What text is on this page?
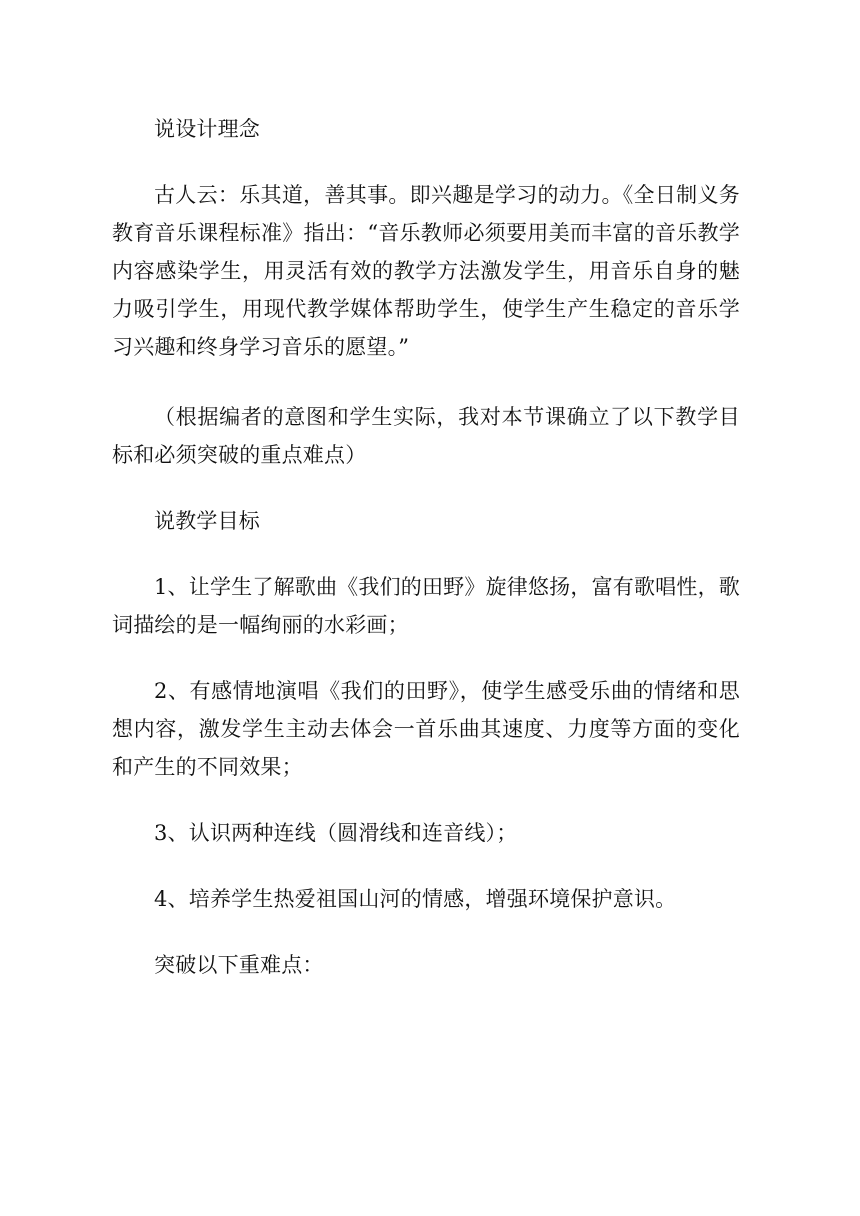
说设计理念

古人云：乐其道，善其事。即兴趣是学习的动力。《全日制义务教育音乐课程标准》指出：“音乐教师必须要用美而丰富的音乐教学内容感染学生，用灵活有效的教学方法激发学生，用音乐自身的魅力吸引学生，用现代教学媒体帮助学生，使学生产生稳定的音乐学习兴趣和终身学习音乐的愿望。”

（根据编者的意图和学生实际，我对本节课确立了以下教学目标和必须突破的重点难点）

说教学目标

1、让学生了解歌曲《我们的田野》旋律悠扬，富有歌唱性，歌词描绘的是一幅绚丽的水彩画；

2、有感情地演唱《我们的田野》，使学生感受乐曲的情绪和思想内容，激发学生主动去体会一首乐曲其速度、力度等方面的变化和产生的不同效果；

3、认识两种连线（圆滑线和连音线）；

4、培养学生热爱祖国山河的情感，增强环境保护意识。

突破以下重难点：
